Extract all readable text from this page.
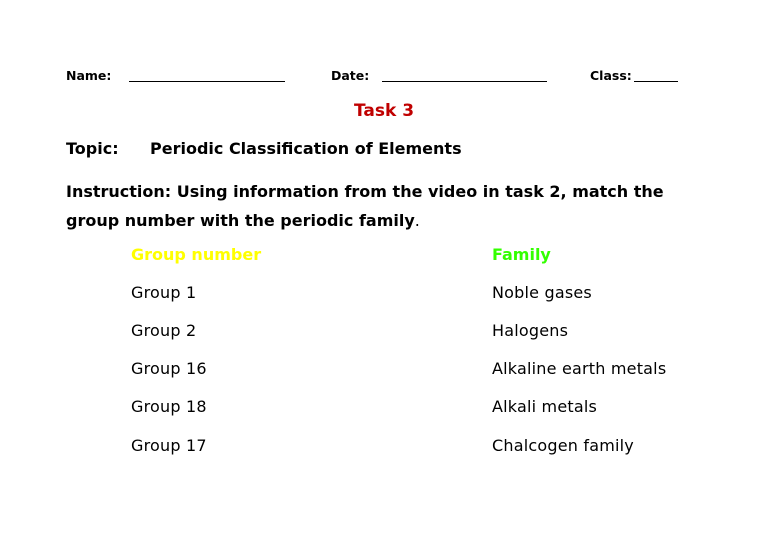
Name:	Date:	Class:
Task 3
Topic: Periodic Classification of Elements
Instruction: Using information from the video in task 2, match the
group number with the periodic family.
Group number	Family
Group 1	Noble gases
Group 2	Halogens
Group 16	Alkaline earth metals
Group 18	Alkali metals
Group 17	Chalcogen family
